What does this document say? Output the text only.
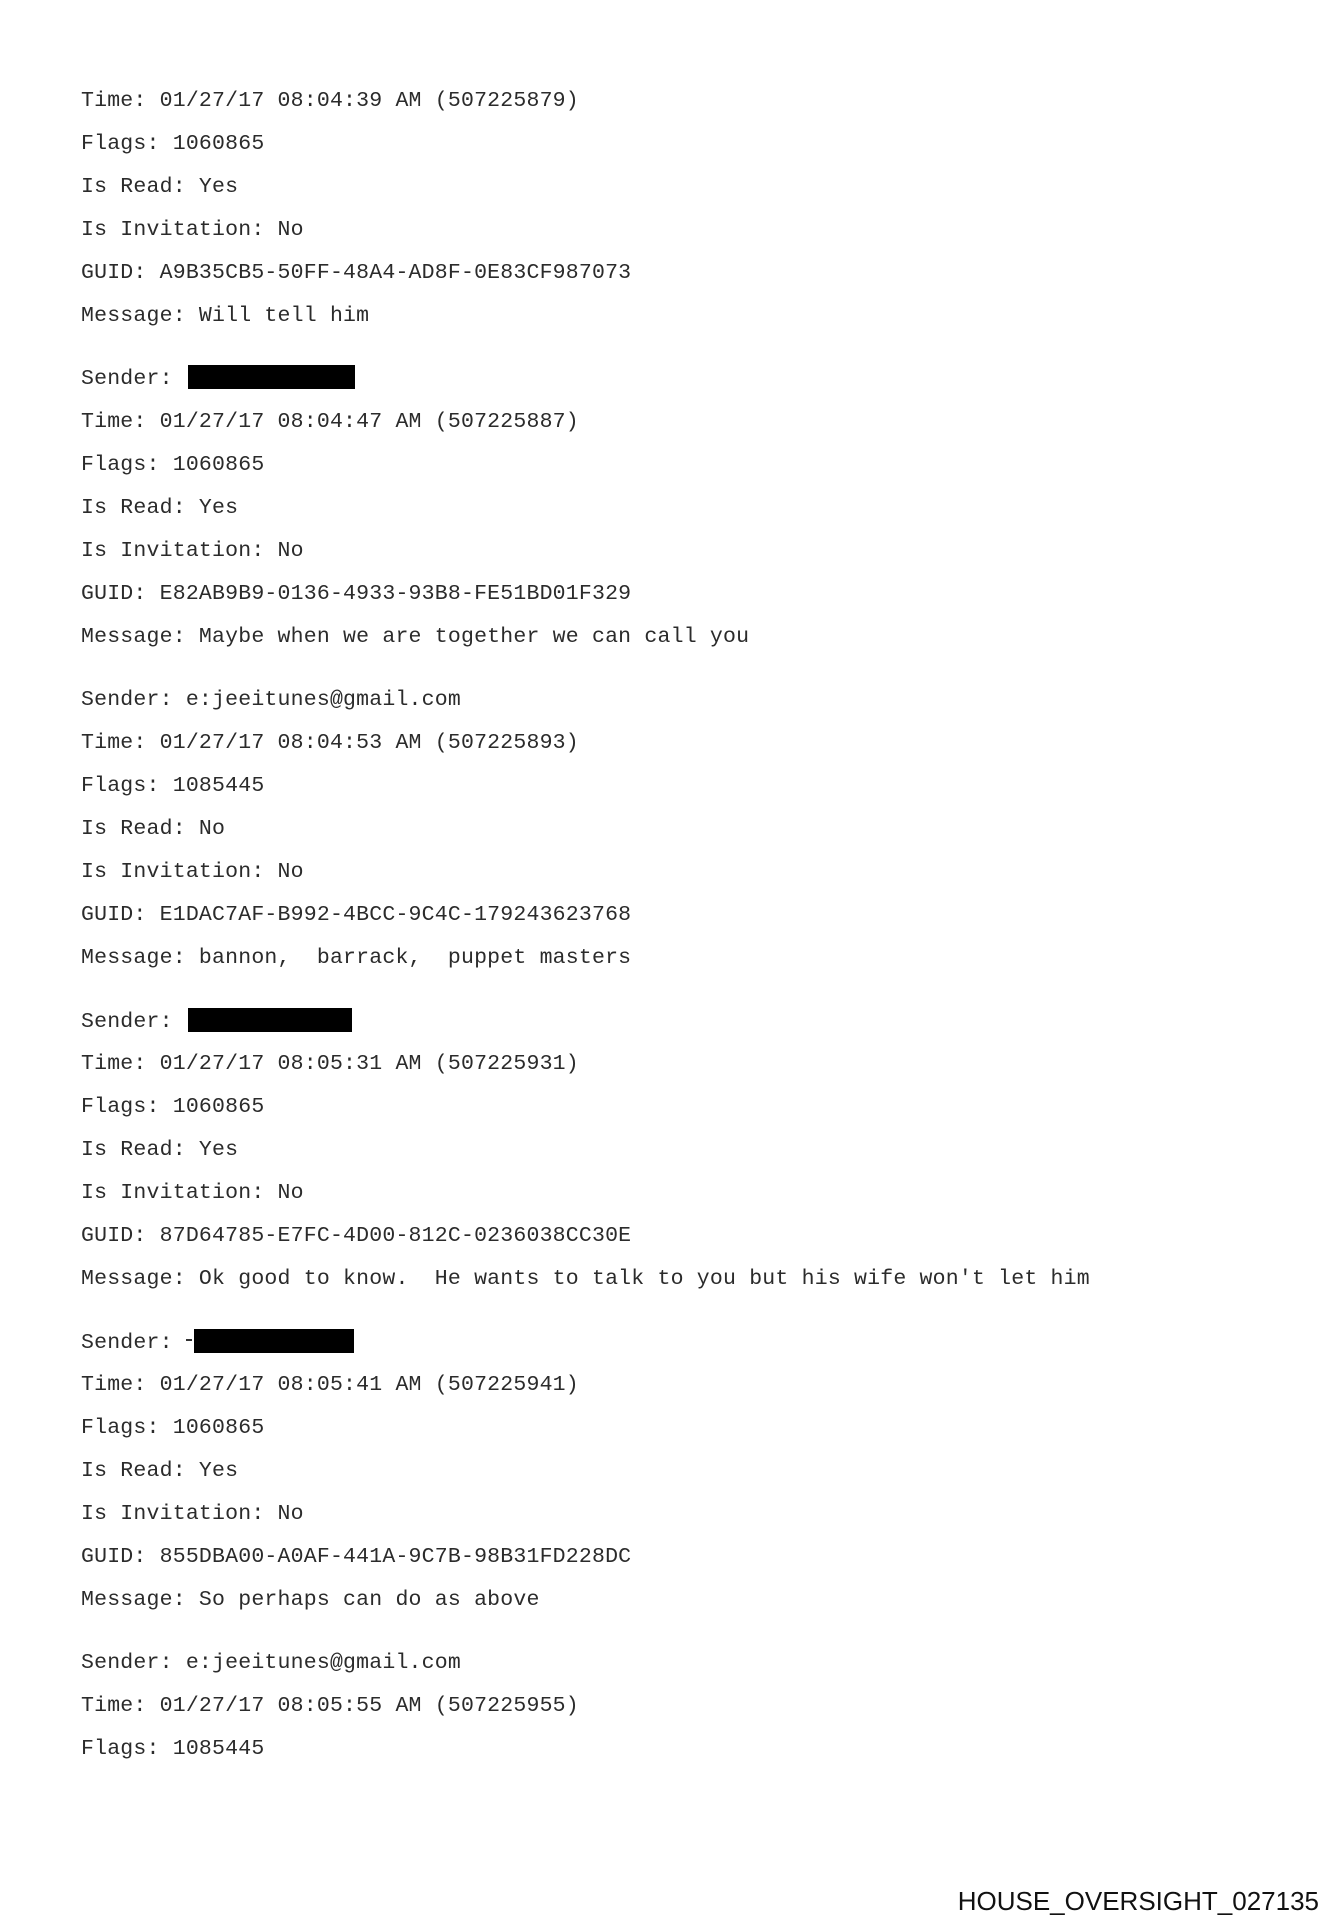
Time: 01/27/17 08:04:39 AM (507225879)
Flags: 1060865
Is Read: Yes
Is Invitation: No
GUID: A9B35CB5-50FF-48A4-AD8F-0E83CF987073
Message: Will tell him
Sender:
Time: 01/27/17 08:04:47 AM (507225887)
Flags: 1060865
Is Read: Yes
Is Invitation: No
GUID: E82AB9B9-0136-4933-93B8-FE51BD01F329
Message: Maybe when we are together we can call you
Sender: e:jeeitunes@gmail.com
Time: 01/27/17 08:04:53 AM (507225893)
Flags: 1085445
Is Read: No
Is Invitation: No
GUID: E1DAC7AF-B992-4BCC-9C4C-179243623768
Message: bannon,  barrack,  puppet masters
Sender:
Time: 01/27/17 08:05:31 AM (507225931)
Flags: 1060865
Is Read: Yes
Is Invitation: No
GUID: 87D64785-E7FC-4D00-812C-0236038CC30E
Message: Ok good to know.  He wants to talk to you but his wife won't let him
Sender:
Time: 01/27/17 08:05:41 AM (507225941)
Flags: 1060865
Is Read: Yes
Is Invitation: No
GUID: 855DBA00-A0AF-441A-9C7B-98B31FD228DC
Message: So perhaps can do as above
Sender: e:jeeitunes@gmail.com
Time: 01/27/17 08:05:55 AM (507225955)
Flags: 1085445
HOUSE_OVERSIGHT_027135
